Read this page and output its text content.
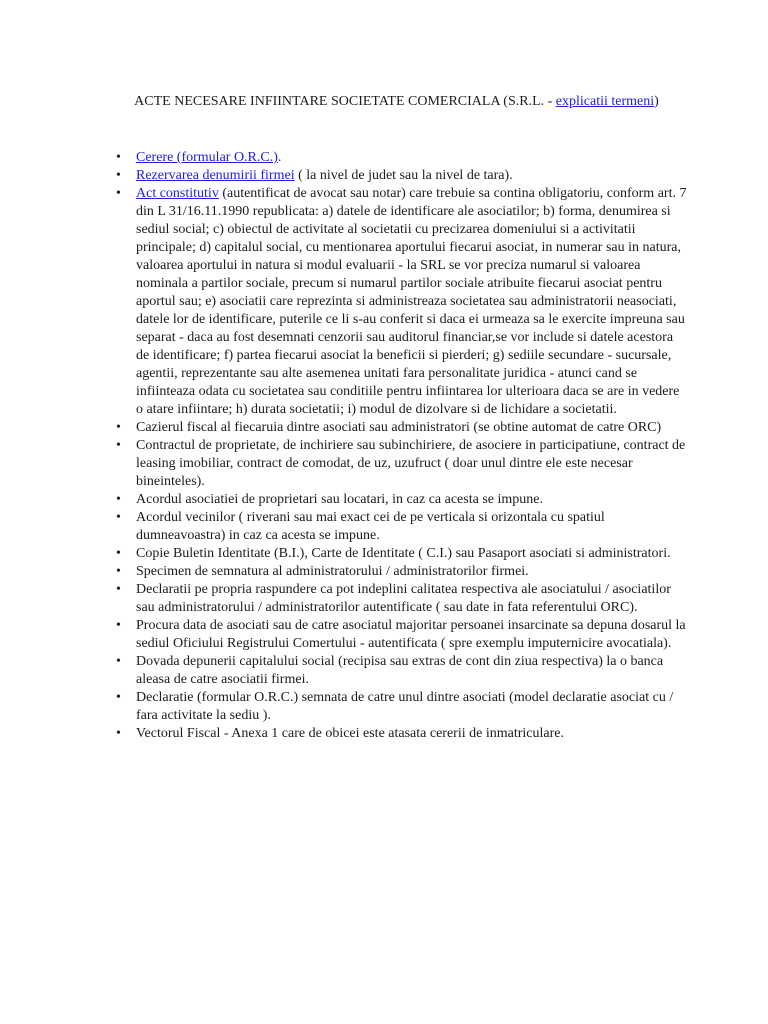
ACTE NECESARE INFIINTARE SOCIETATE COMERCIALA (S.R.L. - explicatii termeni)
• Cerere (formular O.R.C.).
• Rezervarea denumirii firmei ( la nivel de judet sau la nivel de tara).
• Act constitutiv (autentificat de avocat sau notar) care trebuie sa contina obligatoriu, conform art. 7 din L 31/16.11.1990 republicata: a) datele de identificare ale asociatilor; b) forma, denumirea si sediul social; c) obiectul de activitate al societatii cu precizarea domeniului si a activitatii principale; d) capitalul social, cu mentionarea aportului fiecarui asociat, in numerar sau in natura, valoarea aportului in natura si modul evaluarii - la SRL se vor preciza numarul si valoarea nominala a partilor sociale, precum si numarul partilor sociale atribuite fiecarui asociat pentru aportul sau; e) asociatii care reprezinta si administreaza societatea sau administratorii neasociati, datele lor de identificare, puterile ce li s-au conferit si daca ei urmeaza sa le exercite impreuna sau separat - daca au fost desemnati cenzorii sau auditorul financiar,se vor include si datele acestora de identificare; f) partea fiecarui asociat la beneficii si pierderi; g) sediile secundare - sucursale, agentii, reprezentante sau alte asemenea unitati fara personalitate juridica - atunci cand se infiinteaza odata cu societatea sau conditiile pentru infiintarea lor ulterioara daca se are in vedere o atare infiintare; h) durata societatii; i) modul de dizolvare si de lichidare a societatii.
• Cazierul fiscal al fiecaruia dintre asociati sau administratori (se obtine automat de catre ORC)
• Contractul de proprietate, de inchiriere sau subinchiriere, de asociere in participatiune, contract de leasing imobiliar, contract de comodat, de uz, uzufruct ( doar unul dintre ele este necesar bineinteles).
• Acordul asociatiei de proprietari sau locatari, in caz ca acesta se impune.
• Acordul vecinilor ( riverani sau mai exact cei de pe verticala si orizontala cu spatiul dumneavoastra) in caz ca acesta se impune.
• Copie Buletin Identitate (B.I.), Carte de Identitate ( C.I.) sau Pasaport asociati si administratori.
• Specimen de semnatura al administratorului / administratorilor firmei.
• Declaratii pe propria raspundere ca pot indeplini calitatea respectiva ale asociatului / asociatilor sau administratorului / administratorilor autentificate ( sau date in fata referentului ORC).
• Procura data de asociati sau de catre asociatul majoritar persoanei insarcinate sa depuna dosarul la sediul Oficiului Registrului Comertului - autentificata ( spre exemplu imputernicire avocatiala).
• Dovada depunerii capitalului social (recipisa sau extras de cont din ziua respectiva) la o banca aleasa de catre asociatii firmei.
• Declaratie (formular O.R.C.) semnata de catre unul dintre asociati (model declaratie asociat cu / fara activitate la sediu ).
• Vectorul Fiscal - Anexa 1 care de obicei este atasata cererii de inmatriculare.
